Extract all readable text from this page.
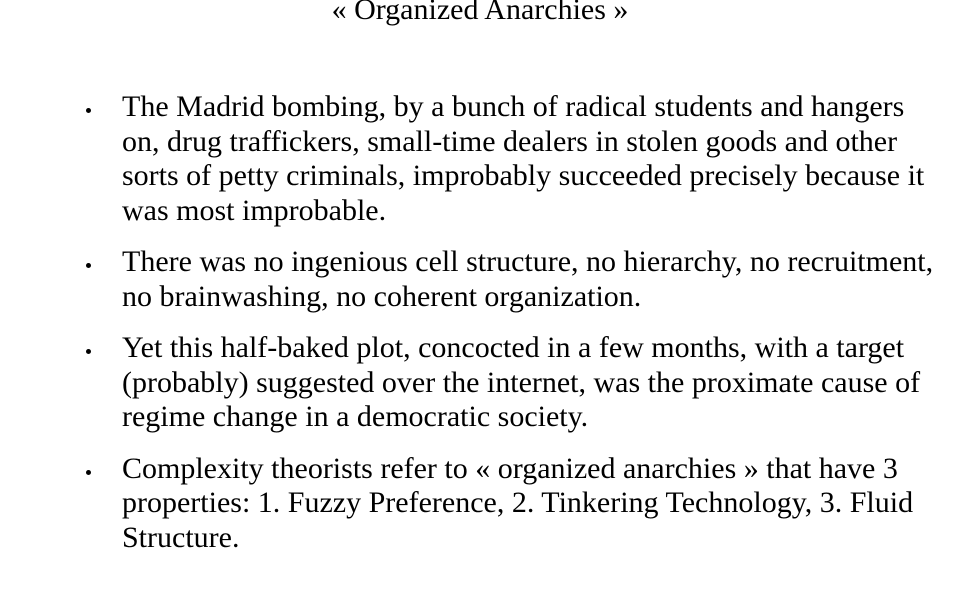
« Organized Anarchies »
The Madrid bombing, by a bunch of radical students and hangers on, drug traffickers, small-time dealers in stolen goods and other sorts of petty criminals, improbably succeeded precisely because it was most improbable.
There was no ingenious cell structure, no hierarchy, no recruitment, no brainwashing, no coherent organization.
Yet this half-baked plot, concocted in a few months, with a target (probably) suggested over the internet, was the proximate cause of regime change in a democratic society.
Complexity theorists refer to « organized anarchies » that have 3 properties: 1. Fuzzy Preference, 2. Tinkering Technology, 3. Fluid Structure.
